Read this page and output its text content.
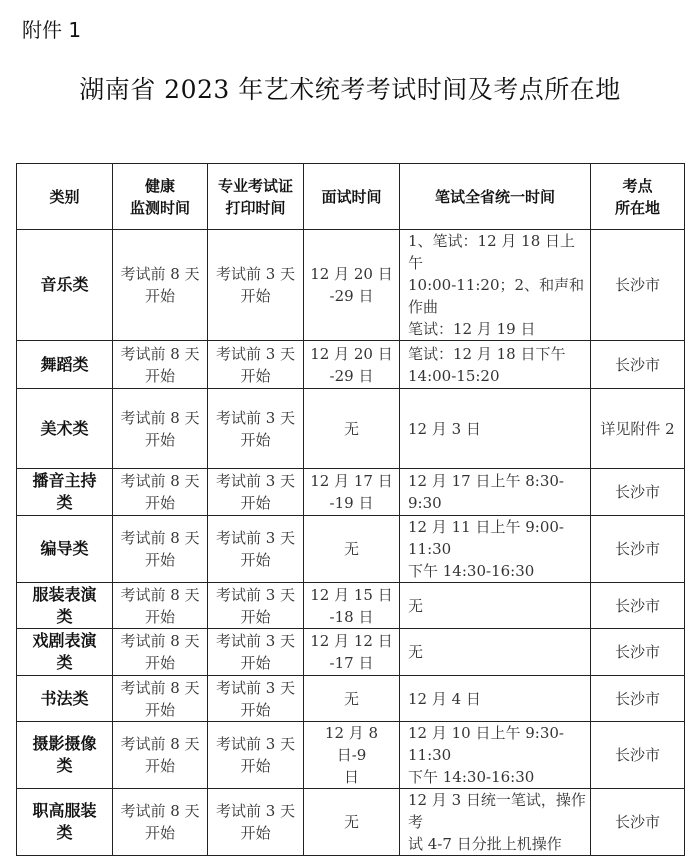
附件 1
湖南省 2023 年艺术统考考试时间及考点所在地
类别	健康
监测时间	专业考试证
打印时间	面试时间	笔试全省统一时间	考点
所在地

音乐类	考试前 8 天
开始	考试前 3 天
开始	12 月 20 日
-29 日	1、笔试：12 月 18 日上午
10:00-11:20；2、和声和作曲
笔试：12 月 19 日	长沙市

舞蹈类	考试前 8 天
开始	考试前 3 天
开始	12 月 20 日
-29 日	笔试：12 月 18 日下午
14:00-15:20	长沙市

美术类	考试前 8 天
开始	考试前 3 天
开始	无	12 月 3 日	详见附件 2

播音主持
类	考试前 8 天
开始	考试前 3 天
开始	12 月 17 日
-19 日	12 月 17 日上午 8:30-9:30	长沙市

编导类	考试前 8 天
开始	考试前 3 天
开始	无	12 月 11 日上午 9:00-11:30
下午 14:30-16:30	长沙市

服装表演
类	考试前 8 天
开始	考试前 3 天
开始	12 月 15 日
-18 日	无	长沙市

戏剧表演
类	考试前 8 天
开始	考试前 3 天
开始	12 月 12 日
-17 日	无	长沙市

书法类	考试前 8 天
开始	考试前 3 天
开始	无	12 月 4 日	长沙市

摄影摄像
类	考试前 8 天
开始	考试前 3 天
开始	12 月 8 日-9
日	12 月 10 日上午 9:30-11:30
下午 14:30-16:30	长沙市

职高服装
类	考试前 8 天
开始	考试前 3 天
开始	无	12 月 3 日统一笔试，操作考
试 4-7 日分批上机操作	长沙市
